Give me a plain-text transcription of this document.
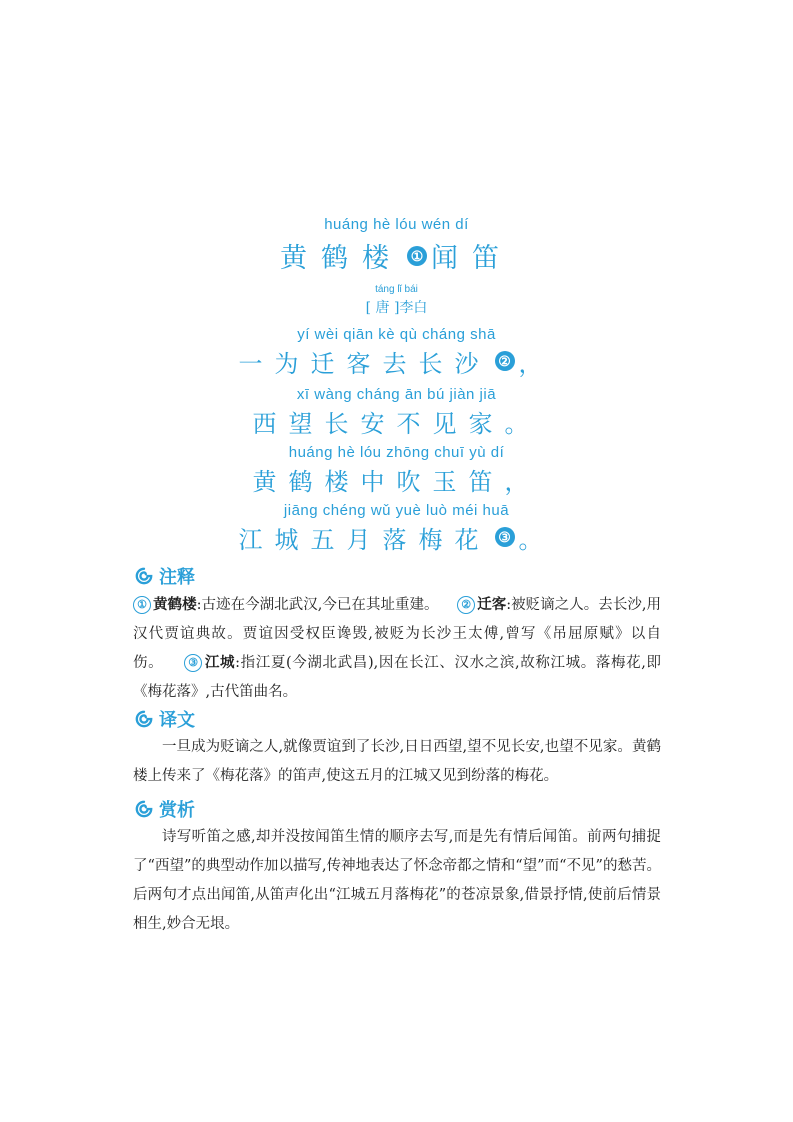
huáng hè lóu wén dí
黄鹤楼 ① 闻笛
táng lǐ bái
[ 唐 ]李白
yí wèi qiān kè qù cháng shā
一为迁客去长沙 ② ，
xī wàng cháng ān bú jiàn jiā
西望长安不见家。
huáng hè lóu zhōng chuī yù dí
黄鹤楼中吹玉笛，
jiāng chéng wǔ yuè luò méi huā
江城五月落梅花 ③ 。
注释
① 黄鹤楼:古迹在今湖北武汉,今已在其址重建。 ② 迁客:被贬谪之人。去长沙,用汉代贾谊典故。贾谊因受权臣谗毁,被贬为长沙王太傅,曾写《吊屈原赋》以自伤。 ③ 江城:指江夏(今湖北武昌),因在长江、汉水之滨,故称江城。落梅花,即《梅花落》,古代笛曲名。
译文
一旦成为贬谪之人,就像贾谊到了长沙,日日西望,望不见长安,也望不见家。黄鹤楼上传来了《梅花落》的笛声,使这五月的江城又见到纷落的梅花。
赏析
诗写听笛之感,却并没按闻笛生情的顺序去写,而是先有情后闻笛。前两句捕捉了“西望”的典型动作加以描写,传神地表达了怀念帝都之情和“望”而“不见”的愁苦。后两句才点出闻笛,从笛声化出“江城五月落梅花”的苍凉景象,借景抒情,使前后情景相生,妙合无垠。
